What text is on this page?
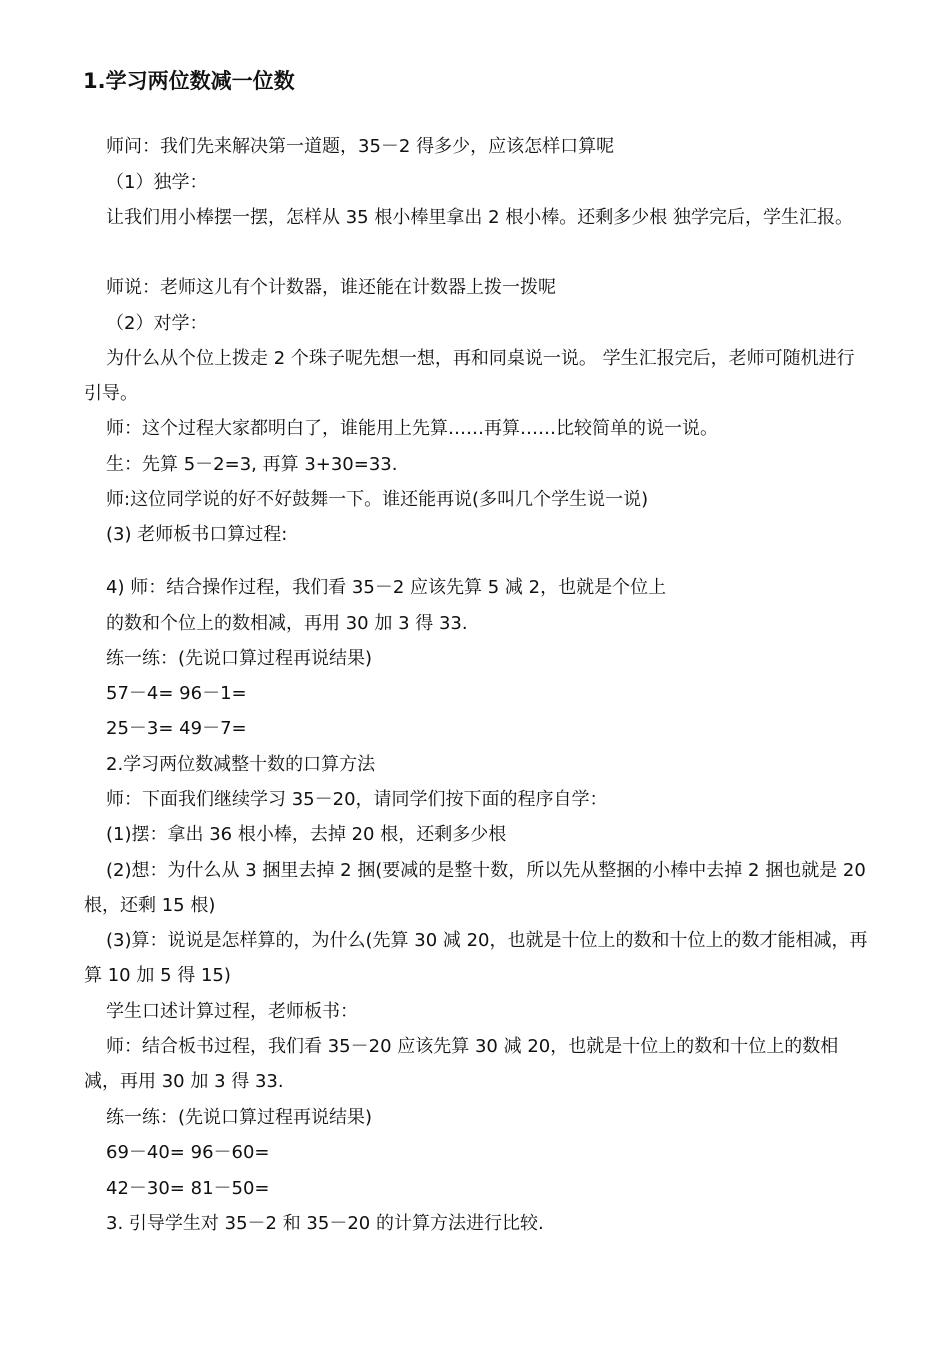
1.学习两位数减一位数
师问：我们先来解决第一道题，35－2 得多少，应该怎样口算呢
（1）独学：
让我们用小棒摆一摆，怎样从 35 根小棒里拿出 2 根小棒。还剩多少根 独学完后，学生汇报。
师说：老师这儿有个计数器，谁还能在计数器上拨一拨呢
（2）对学：
为什么从个位上拨走 2 个珠子呢先想一想，再和同桌说一说。 学生汇报完后，老师可随机进行引导。
师：这个过程大家都明白了，谁能用上先算……再算……比较简单的说一说。
生：先算 5－2=3, 再算 3+30=33.
师:这位同学说的好不好鼓舞一下。谁还能再说(多叫几个学生说一说)
(3) 老师板书口算过程:
4) 师：结合操作过程，我们看 35－2 应该先算 5 减 2，也就是个位上
的数和个位上的数相减，再用 30 加 3 得 33.
练一练：(先说口算过程再说结果)
57－4= 96－1=
25－3= 49－7=
2.学习两位数减整十数的口算方法
师：下面我们继续学习 35－20，请同学们按下面的程序自学：
(1)摆：拿出 36 根小棒，去掉 20 根，还剩多少根
(2)想：为什么从 3 捆里去掉 2 捆(要减的是整十数，所以先从整捆的小棒中去掉 2 捆也就是 20 根，还剩 15 根)
(3)算：说说是怎样算的，为什么(先算 30 减 20，也就是十位上的数和十位上的数才能相减，再算 10 加 5 得 15)
学生口述计算过程，老师板书：
师：结合板书过程，我们看 35－20 应该先算 30 减 20，也就是十位上的数和十位上的数相减，再用 30 加 3 得 33.
练一练：(先说口算过程再说结果)
69－40= 96－60=
42－30= 81－50=
3. 引导学生对 35－2 和 35－20 的计算方法进行比较.
